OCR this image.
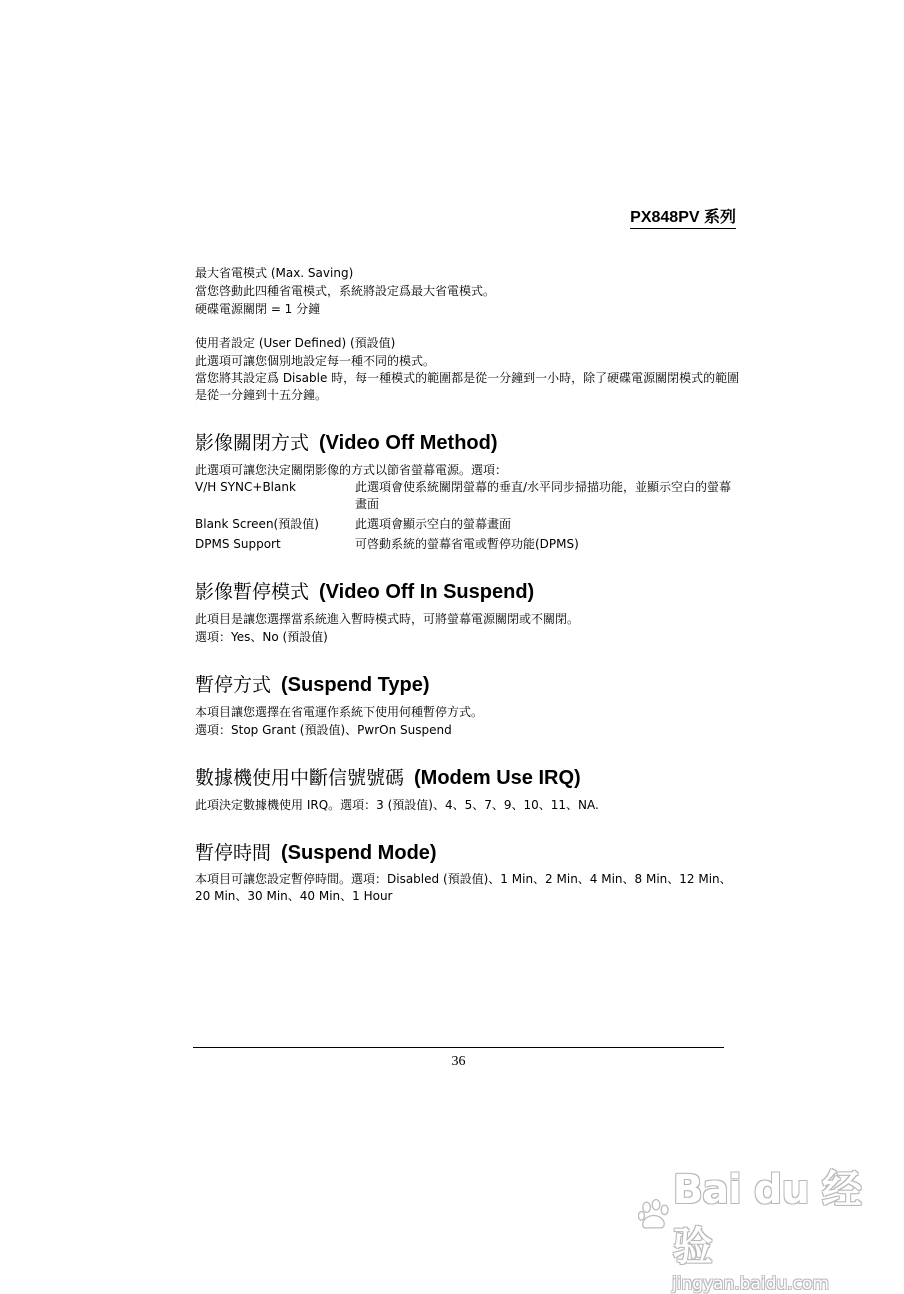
PX848PV 系列
最大省電模式 (Max. Saving)
當您啓動此四種省電模式，系統將設定爲最大省電模式。
硬碟電源關閉 = 1 分鐘
使用者設定 (User Defined) (預設值)
此選項可讓您個別地設定每一種不同的模式。
當您將其設定爲 Disable 時，每一種模式的範圍都是從一分鐘到一小時，除了硬碟電源關閉模式的範圍是從一分鐘到十五分鐘。
影像關閉方式 (Video Off Method)
此選項可讓您決定關閉影像的方式以節省螢幕電源。選項：
V/H SYNC+Blank	此選項會使系統關閉螢幕的垂直/水平同步掃描功能，並顯示空白的螢幕畫面
Blank Screen(預設值)	此選項會顯示空白的螢幕畫面
DPMS Support	可啓動系統的螢幕省電或暫停功能(DPMS)
影像暫停模式 (Video Off In Suspend)
此項目是讓您選擇當系統進入暫時模式時，可將螢幕電源關閉或不關閉。
選項：Yes、No (預設值)
暫停方式 (Suspend Type)
本項目讓您選擇在省電運作系統下使用何種暫停方式。
選項：Stop Grant (預設值)、PwrOn Suspend
數據機使用中斷信號號碼 (Modem Use IRQ)
此項決定數據機使用 IRQ。選項：3 (預設值)、4、5、7、9、10、11、NA.
暫停時間 (Suspend Mode)
本項目可讓您設定暫停時間。選項：Disabled (預設值)、1 Min、2 Min、4 Min、8 Min、12 Min、20 Min、30 Min、40 Min、1 Hour
36
Bai du 经验
jingyan.baidu.com
